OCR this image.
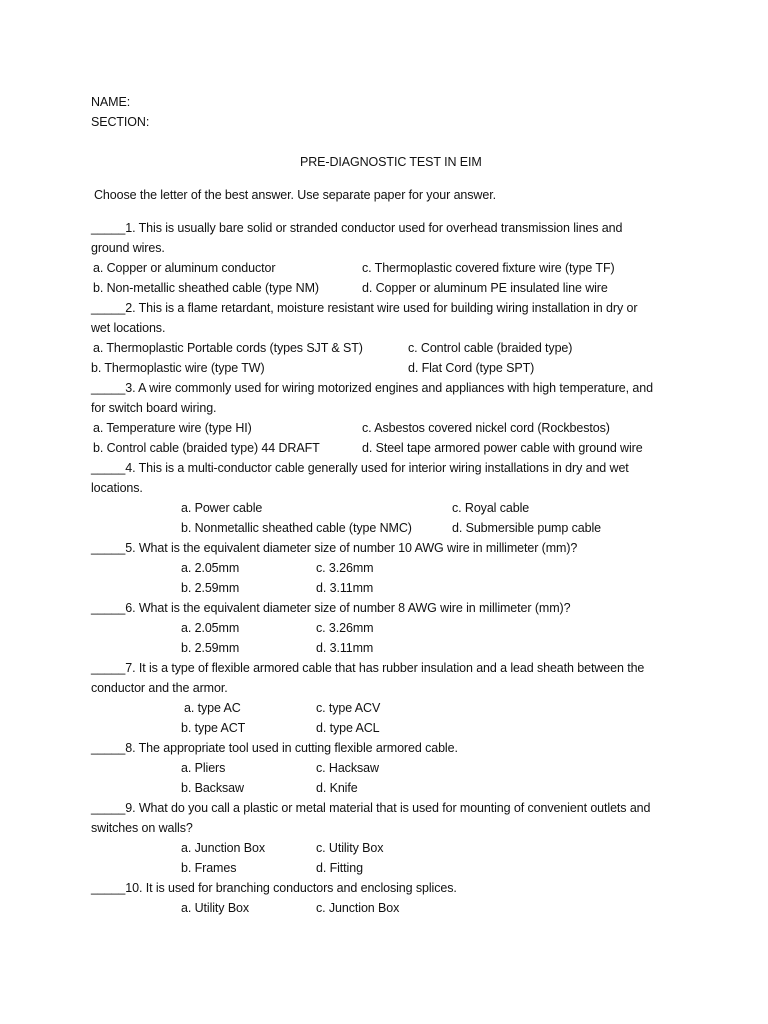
NAME:
SECTION:
PRE-DIAGNOSTIC TEST IN EIM
Choose the letter of the best answer. Use separate paper for your answer.
_____1. This is usually bare solid or stranded conductor used for overhead transmission lines and
ground wires.
a. Copper or aluminum conductor	c. Thermoplastic covered fixture wire (type TF)
b. Non-metallic sheathed cable (type NM)	d. Copper or aluminum PE insulated line wire
_____2. This is a flame retardant, moisture resistant wire used for building wiring installation in dry or
wet locations.
a. Thermoplastic Portable cords (types SJT & ST)	c. Control cable (braided type)
b. Thermoplastic wire (type TW)	d. Flat Cord (type SPT)
_____3. A wire commonly used for wiring motorized engines and appliances with high temperature, and
for switch board wiring.
a. Temperature wire (type HI)	c. Asbestos covered nickel cord (Rockbestos)
b. Control cable (braided type) 44 DRAFT	d. Steel tape armored power cable with ground wire
_____4. This is a multi-conductor cable generally used for interior wiring installations in dry and wet
locations.
a. Power cable	c. Royal cable
b. Nonmetallic sheathed cable (type NMC)	d. Submersible pump cable
_____5. What is the equivalent diameter size of number 10 AWG wire in millimeter (mm)?
a. 2.05mm	c. 3.26mm
b. 2.59mm	d. 3.11mm
_____6. What is the equivalent diameter size of number 8 AWG wire in millimeter (mm)?
a. 2.05mm	c. 3.26mm
b. 2.59mm	d. 3.11mm
_____7. It is a type of flexible armored cable that has rubber insulation and a lead sheath between the
conductor and the armor.
a. type AC	c. type ACV
b. type ACT	d. type ACL
_____8. The appropriate tool used in cutting flexible armored cable.
a. Pliers	c. Hacksaw
b. Backsaw	d. Knife
_____9. What do you call a plastic or metal material that is used for mounting of convenient outlets and
switches on walls?
a. Junction Box	c. Utility Box
b. Frames	d. Fitting
_____10. It is used for branching conductors and enclosing splices.
a. Utility Box	c. Junction Box
